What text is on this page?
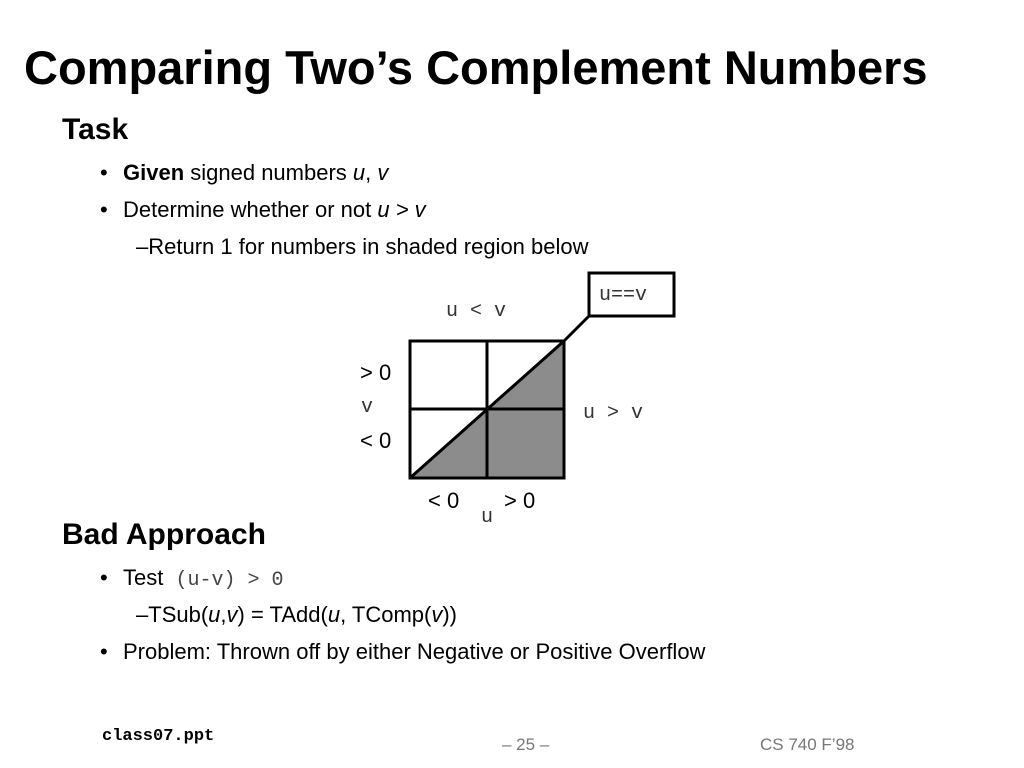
Comparing Two’s Complement Numbers
Task
• Given signed numbers u, v
• Determine whether or not u > v
–Return 1 for numbers in shaded region below
u==v
u < v
u > v
> 0
v
< 0
< 0
u
> 0
Bad Approach
• Test (u-v) > 0
–TSub(u,v) = TAdd(u, TComp(v))
• Problem: Thrown off by either Negative or Positive Overflow
class07.ppt	– 25 –	CS 740 F’98
